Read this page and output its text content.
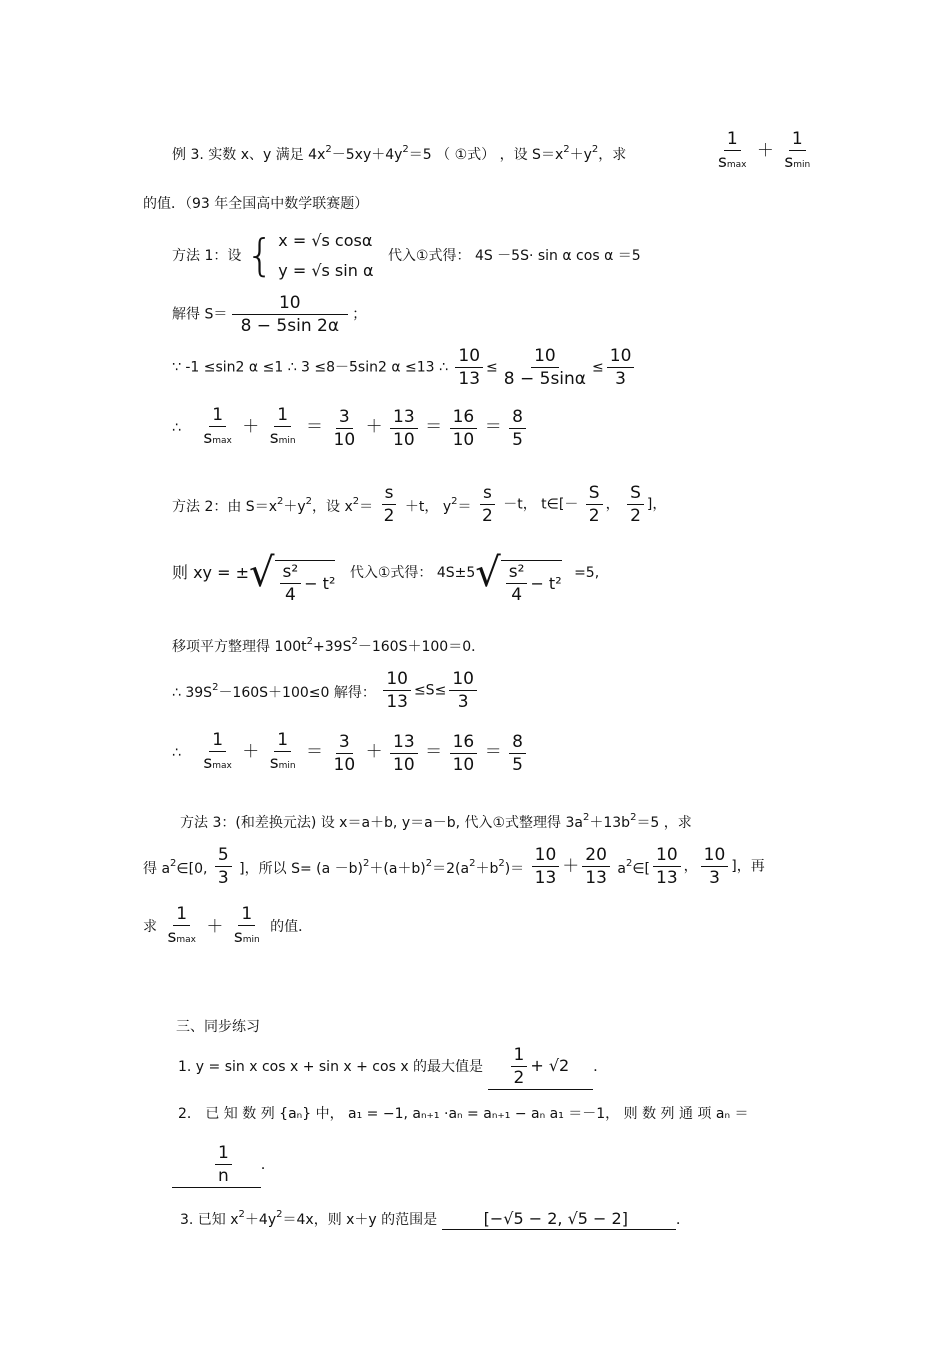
例 3. 实数 x、y 满足 $4x^2-5xy+4y^2=5$ （ ①式） ，设 $S=x^2+y^2$，求	$\frac{1}{smax} + \frac{1}{smin}$
的值．（93 年全国高中数学联赛题）
方法 1：设 { x = √s cosα
y = √s sin α
代入①式得： 4S －5S· sin α cos α ＝5
解得 $S= \frac{10}{8 - 5\sin 2\alpha}$ ；
∵ -1 ≤sin2 α ≤1 ∴ 3 ≤8－5sin2 α ≤13 ∴ $\frac{10}{13} \le \frac{10}{8 - 5\sin\alpha} \le \frac{10}{3}$
∴ $\frac{1}{smax} + \frac{1}{smin} = \frac{3}{10} + \frac{13}{10} = \frac{16}{10} = \frac{8}{5}$
方法 2：由 $S=x^2+y^2$，设 $x^2= \frac{s}{2} +t$， $y^2= \frac{s}{2} -t$， t∈[－ $\frac{S}{2}$ ， $\frac{S}{2}$ ]，
则 xy = ±√ $\frac{\text{s²}}{4} - t^2$
代入①式得： $4S\pm 5√ \frac{\text{s²}}{4} - t^2$
=5,
移项平方整理得 $100t^2+39S^2-160S+100=0$．
∴ $39S^2-160S+100\le 0$ 解得： $\frac{10}{13} \le S\le \frac{10}{3}$
∴ $\frac{1}{smax} + \frac{1}{smin} = \frac{3}{10} + \frac{13}{10} = \frac{16}{10} = \frac{8}{5}$
方法 3：(和差换元法) 设 x＝a＋b, y＝a－b, 代入①式整理得 $3a^2+13b^2=5$ ，求
得 $a^2\in[0$, $\frac{5}{3}$ ]，所以 $S= (a -b)^2+(a+b)^2=2(a^2+b^2)= \frac{10}{13} + \frac{20}{13}$ $a^2\in[ \frac{10}{13}$ ， $\frac{10}{3}$ ]，再
求 $\frac{1}{smax} + \frac{1}{smin}$ 的值．
三、同步练习
1. y = sin x cos x + sin x + cos x 的最大值是 $\frac{1}{2} + √2$ ．
2． 已 知 数 列 {aₙ} 中， a₁ = −1, aₙ₊₁ ·aₙ = aₙ₊₁ − aₙ a₁ ＝－1， 则 数 列 通 项 aₙ ＝
$\frac{1}{n}$ ．
3. 已知 $x^2+4y^2=4x$，则 x＋y 的范围是	[−√5 − 2, √5 − 2]	．
